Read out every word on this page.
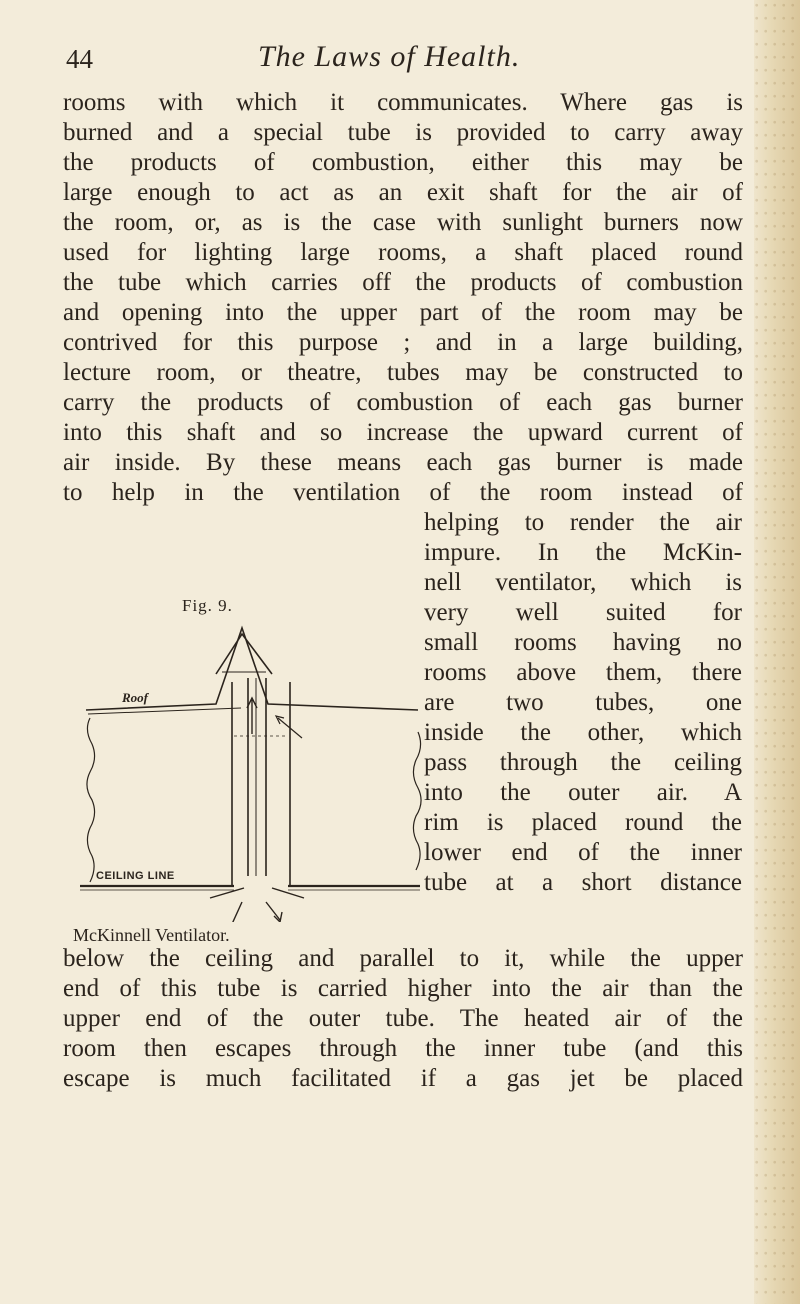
44	The Laws of Health.
rooms with which it communicates. Where gas is
burned and a special tube is provided to carry away
the products of combustion, either this may be
large enough to act as an exit shaft for the air of
the room, or, as is the case with sunlight burners now
used for lighting large rooms, a shaft placed round
the tube which carries off the products of combustion
and opening into the upper part of the room may be
contrived for this purpose ; and in a large building,
lecture room, or theatre, tubes may be constructed to
carry the products of combustion of each gas burner
into this shaft and so increase the upward current of
air inside. By these means each gas burner is made
to help in the ventilation of the room instead of
Fig. 9.
helping to render the air
impure. In the McKin-
nell ventilator, which is
very well suited for
small rooms having no
rooms above them, there
are two tubes, one
inside the other, which
pass through the ceiling
into the outer air. A
rim is placed round the
lower end of the inner
tube at a short distance
Roof
CEILING LINE
McKinnell Ventilator.
below the ceiling and parallel to it, while the upper
end of this tube is carried higher into the air than the
upper end of the outer tube. The heated air of the
room then escapes through the inner tube (and this
escape is much facilitated if a gas jet be placed
